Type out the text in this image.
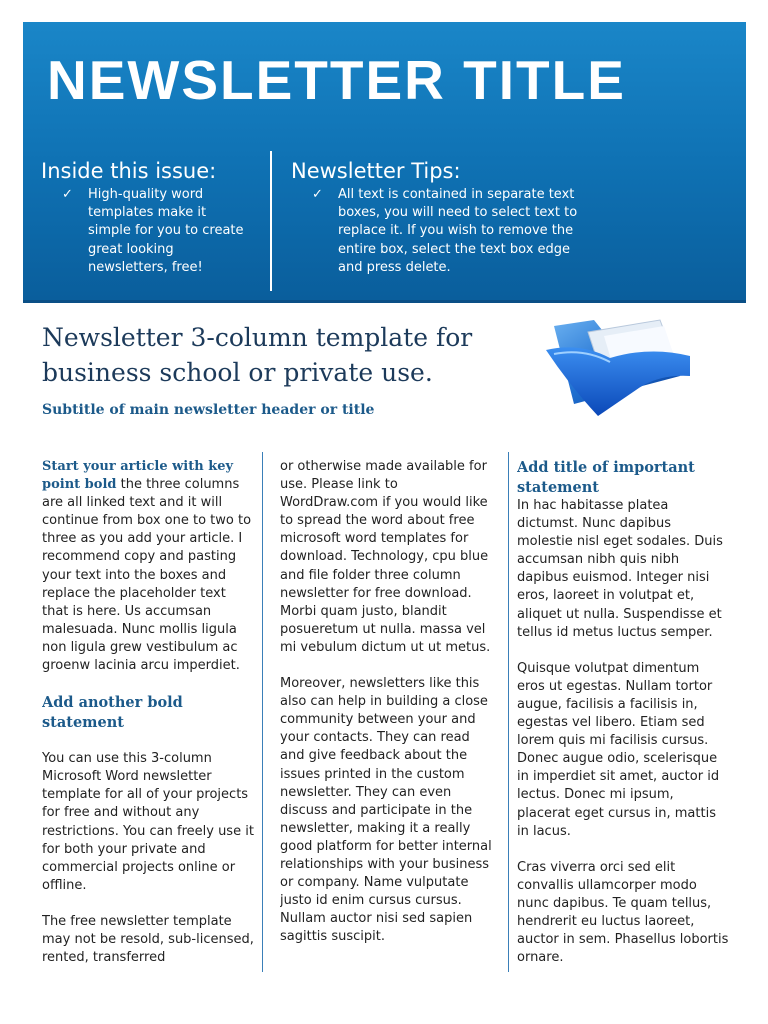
NEWSLETTER TITLE
Inside this issue:
✓ High-quality word templates make it simple for you to create great looking newsletters, free!
Newsletter Tips:
✓ All text is contained in separate text boxes, you will need to select text to replace it. If you wish to remove the entire box, select the text box edge and press delete.
Newsletter 3-column template for business school or private use.
Subtitle of main newsletter header or title

Start your article with key point bold the three columns are all linked text and it will continue from box one to two to three as you add your article. I recommend copy and pasting your text into the boxes and replace the placeholder text that is here. Us accumsan malesuada. Nunc mollis ligula non ligula grew vestibulum ac groenw lacinia arcu imperdiet.

Add another bold statement

You can use this 3-column Microsoft Word newsletter template for all of your projects for free and without any restrictions. You can freely use it for both your private and commercial projects online or offline.

The free newsletter template may not be resold, sub-licensed, rented, transferred

or otherwise made available for use. Please link to WordDraw.com if you would like to spread the word about free microsoft word templates for download. Technology, cpu blue and file folder three column newsletter for free download. Morbi quam justo, blandit posueretum ut nulla. massa vel mi vebulum dictum ut ut metus.

Moreover, newsletters like this also can help in building a close community between your and your contacts. They can read and give feedback about the issues printed in the custom newsletter. They can even discuss and participate in the newsletter, making it a really good platform for better internal relationships with your business or company. Name vulputate justo id enim cursus cursus. Nullam auctor nisi sed sapien sagittis suscipit.

Add title of important statement

In hac habitasse platea dictumst. Nunc dapibus molestie nisl eget sodales. Duis accumsan nibh quis nibh dapibus euismod. Integer nisi eros, laoreet in volutpat et, aliquet ut nulla. Suspendisse et tellus id metus luctus semper.

Quisque volutpat dimentum eros ut egestas. Nullam tortor augue, facilisis a facilisis in, egestas vel libero. Etiam sed lorem quis mi facilisis cursus. Donec augue odio, scelerisque in imperdiet sit amet, auctor id lectus. Donec mi ipsum, placerat eget cursus in, mattis in lacus.

Cras viverra orci sed elit convallis ullamcorper modo nunc dapibus. Te quam tellus, hendrerit eu luctus laoreet, auctor in sem. Phasellus lobortis ornare.
